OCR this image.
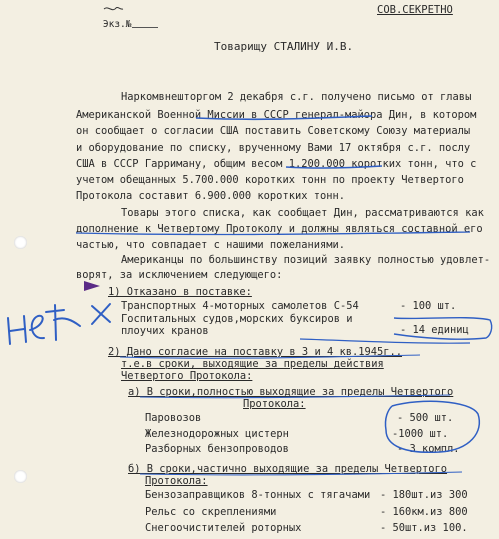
Экз.№

СОВ.СЕКРЕТНО
Товарищу СТАЛИНУ И.В.
Наркомвнешторгом 2 декабря с.г. получено письмо от главы
Американской Военной Миссии в СССР генерал-майора Дин, в котором
он сообщает о согласии США поставить Советскому Союзу материалы
и оборудование по списку, врученному Вами 17 октября с.г. послу
США в СССР Гарриману, общим весом 1.200.000 коротких тонн, что с
учетом обещанных 5.700.000 коротких тонн по проекту Четвертого
Протокола составит 6.900.000 коротких тонн.
Товары этого списка, как сообщает Дин, рассматриваются как
дополнение к Четвертому Протоколу и должны являться составной его
частью, что совпадает с нашими пожеланиями.
Американцы по большинству позиций заявку полностью удовлет-
ворят, за исключением следующего:
1) Отказано в поставке:
Транспортных 4-моторных самолетов С-54	- 100 шт.
Госпитальных судов,морских буксиров и
плоучих кранов	- 14 единиц
2) Дано согласие на поставку в 3 и 4 кв.1945г.,
т.е.в сроки, выходящие за пределы действия
Четвертого Протокола:
а) В сроки,полностью выходящие за пределы Четвертого
Протокола:
Паровозов	- 500 шт.
Железнодорожных цистерн	-1000 шт.
Разборных бензопроводов	- 3 компл.
б) В сроки,частично выходящие за пределы Четвертого
Протокола:
Бензозаправщиков 8-тонных с тягачами - 180шт.из 300
Рельс со скреплениями	- 160км.из 800
Снегоочистителей роторных	- 50шт.из 100.
